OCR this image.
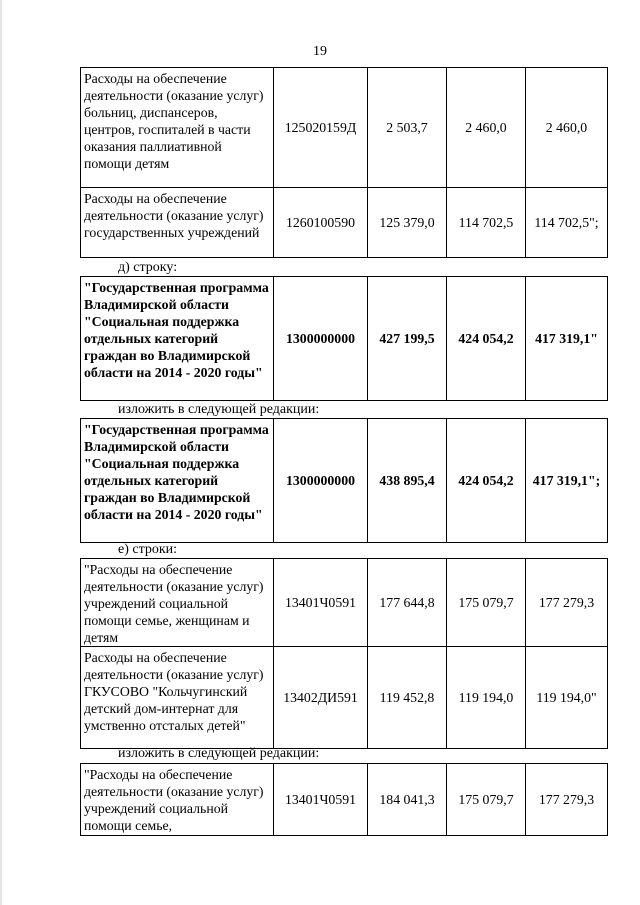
19
Расходы на обеспечение деятельности (оказание услуг) больниц, диспансеров, центров, госпиталей в части оказания паллиативной помощи детям	125020159Д	2 503,7	2 460,0	2 460,0
Расходы на обеспечение деятельности (оказание услуг) государственных учреждений	1260100590	125 379,0	114 702,5	114 702,5";
д) строку:
"Государственная программа Владимирской области "Социальная поддержка отдельных категорий граждан во Владимирской области на 2014 - 2020 годы"	1300000000	427 199,5	424 054,2	417 319,1"
изложить в следующей редакции:
"Государственная программа Владимирской области "Социальная поддержка отдельных категорий граждан во Владимирской области на 2014 - 2020 годы"	1300000000	438 895,4	424 054,2	417 319,1";
е) строки:
"Расходы на обеспечение деятельности (оказание услуг) учреждений социальной помощи семье, женщинам и детям	13401Ч0591	177 644,8	175 079,7	177 279,3
Расходы на обеспечение деятельности (оказание услуг) ГКУСОВО "Кольчугинский детский дом-интернат для умственно отсталых детей"	13402ДИ591	119 452,8	119 194,0	119 194,0"
изложить в следующей редакции:
"Расходы на обеспечение деятельности (оказание услуг) учреждений социальной помощи семье,	13401Ч0591	184 041,3	175 079,7	177 279,3
